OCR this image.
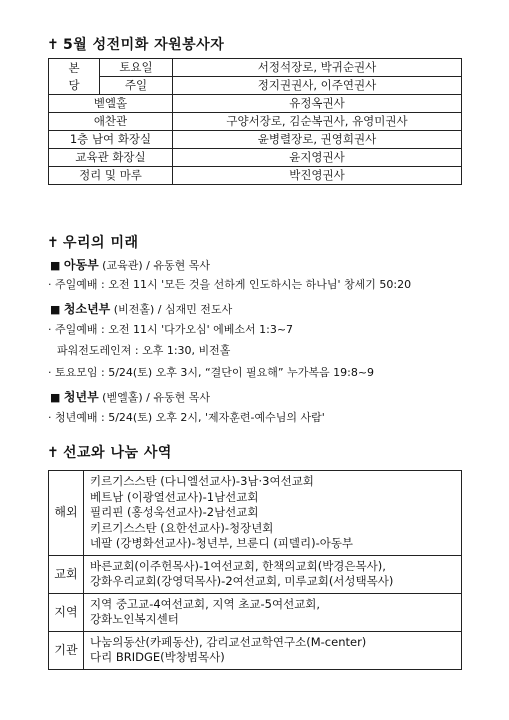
✝ 5월 성전미화 자원봉사자
본
당	토요일	서정석장로, 박귀순권사
	주일	정지권권사, 이주연권사
벧엘홀		유정옥권사
애찬관		구양서장로, 김순복권사, 유영미권사
1층 남여 화장실		윤병렬장로, 권영희권사
교육관 화장실		윤지영권사
정리 및 마루		박진영권사
✝ 우리의 미래
■ 아동부 (교육관) / 유동현 목사
· 주일예배 : 오전 11시 '모든 것을 선하게 인도하시는 하나님' 창세기 50:20
■ 청소년부 (비전홀) / 심재민 전도사
· 주일예배 : 오전 11시 '다가오심' 에베소서 1:3~7
파워전도레인져 : 오후 1:30, 비전홀
· 토요모임 : 5/24(토) 오후 3시, “결단이 필요해” 누가복음 19:8~9
■ 청년부 (벧엘홀) / 유동현 목사
· 청년예배 : 5/24(토) 오후 2시, '제자훈련-예수님의 사람'
✝ 선교와 나눔 사역
해외	키르기스스탄 (다니엘선교사)-3남·3여선교회
베트남 (이광열선교사)-1남선교회
필리핀 (홍성욱선교사)-2남선교회
키르기스스탄 (요한선교사)-청장년회
네팔 (강병화선교사)-청년부, 브룬디 (피델리)-아동부

교회	바른교회(이주헌목사)-1여선교회, 한책의교회(박경은목사),
강화우리교회(강영덕목사)-2여선교회, 미루교회(서성택목사)

지역	지역 중고교-4여선교회, 지역 초교-5여선교회,
강화노인복지센터

기관	나눔의동산(카페동산), 감리교선교학연구소(M-center)
다리 BRIDGE(박창범목사)
